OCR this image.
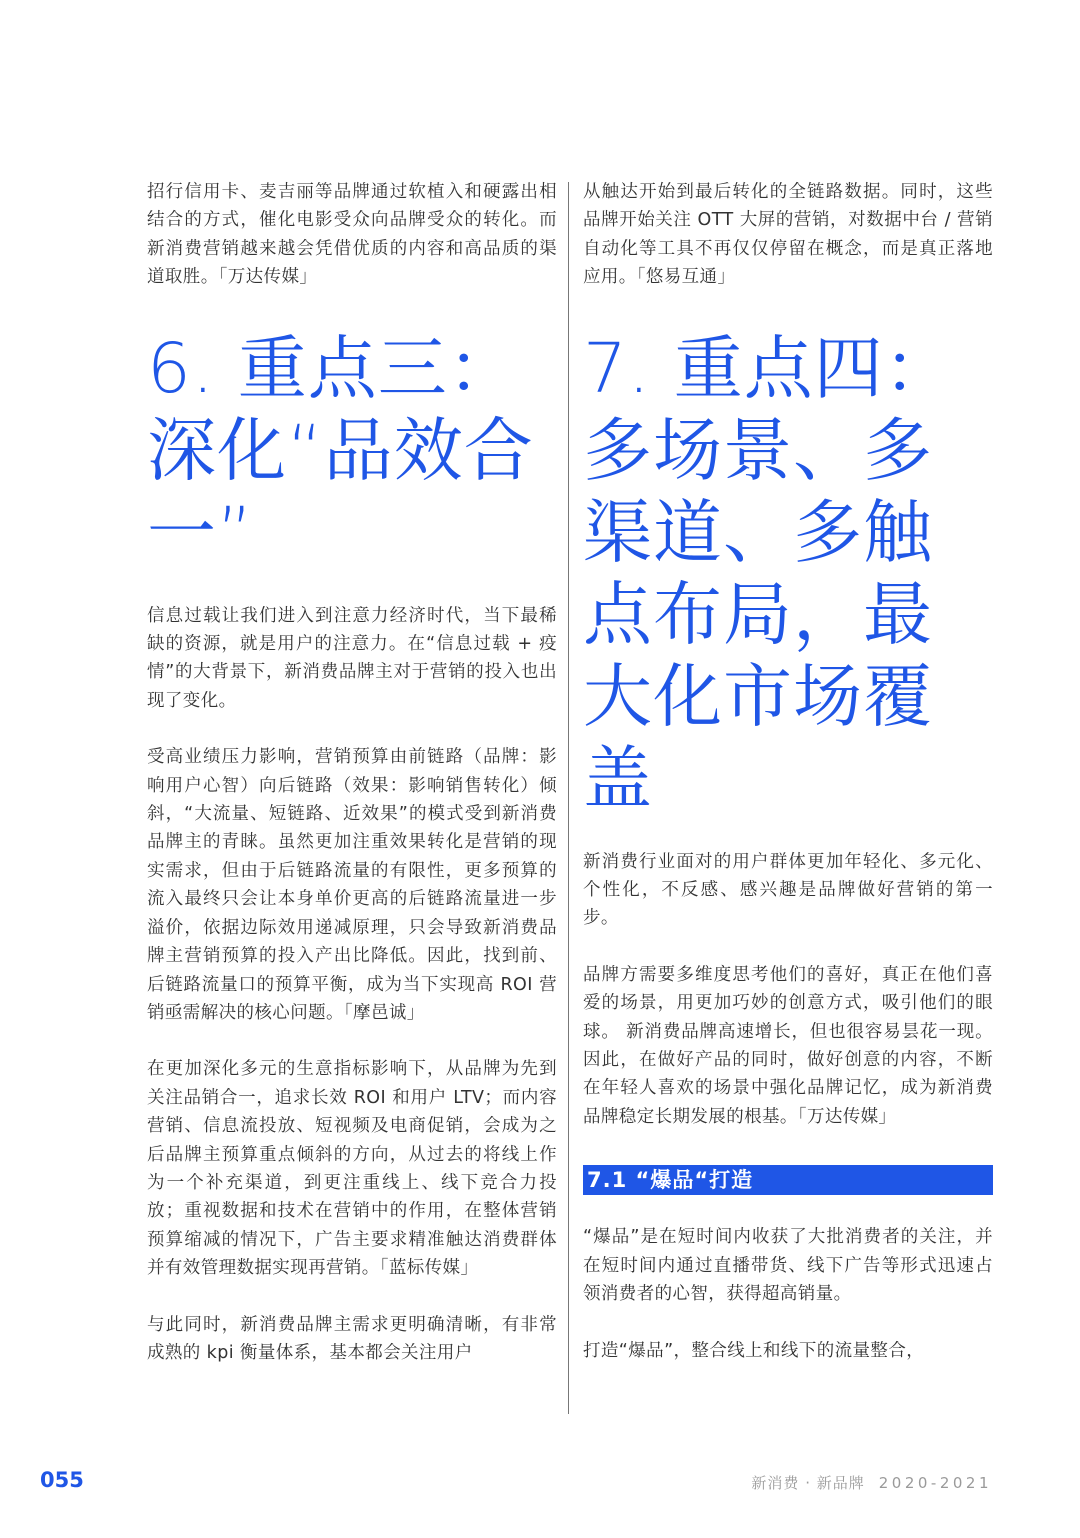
招行信用卡、麦吉丽等品牌通过软植入和硬露出相结合的方式，催化电影受众向品牌受众的转化。而新消费营销越来越会凭借优质的内容和高品质的渠道取胜。「万达传媒」

6. 重点三：深化“品效合一”

信息过载让我们进入到注意力经济时代，当下最稀缺的资源，就是用户的注意力。在“信息过载 + 疫情”的大背景下，新消费品牌主对于营销的投入也出现了变化。

受高业绩压力影响，营销预算由前链路（品牌：影响用户心智）向后链路（效果：影响销售转化）倾斜，“大流量、短链路、近效果”的模式受到新消费品牌主的青睐。虽然更加注重效果转化是营销的现实需求，但由于后链路流量的有限性，更多预算的流入最终只会让本身单价更高的后链路流量进一步溢价，依据边际效用递减原理，只会导致新消费品牌主营销预算的投入产出比降低。因此，找到前、后链路流量口的预算平衡，成为当下实现高 ROI 营销亟需解决的核心问题。「摩邑诚」

在更加深化多元的生意指标影响下，从品牌为先到关注品销合一，追求长效 ROI 和用户 LTV；而内容营销、信息流投放、短视频及电商促销，会成为之后品牌主预算重点倾斜的方向，从过去的将线上作为一个补充渠道，到更注重线上、线下竞合力投放；重视数据和技术在营销中的作用，在整体营销预算缩减的情况下，广告主要求精准触达消费群体并有效管理数据实现再营销。「蓝标传媒」

与此同时，新消费品牌主需求更明确清晰，有非常成熟的 kpi 衡量体系，基本都会关注用户

从触达开始到最后转化的全链路数据。同时，这些品牌开始关注 OTT 大屏的营销，对数据中台 / 营销自动化等工具不再仅仅停留在概念，而是真正落地应用。「悠易互通」

7. 重点四：多场景、多渠道、多触点布局，最大化市场覆盖

新消费行业面对的用户群体更加年轻化、多元化、个性化，不反感、感兴趣是品牌做好营销的第一步。

品牌方需要多维度思考他们的喜好，真正在他们喜爱的场景，用更加巧妙的创意方式，吸引他们的眼球。 新消费品牌高速增长，但也很容易昙花一现。因此，在做好产品的同时，做好创意的内容，不断在年轻人喜欢的场景中强化品牌记忆，成为新消费品牌稳定长期发展的根基。「万达传媒」

7.1 “爆品“打造

“爆品”是在短时间内收获了大批消费者的关注，并在短时间内通过直播带货、线下广告等形式迅速占领消费者的心智，获得超高销量。

打造“爆品”，整合线上和线下的流量整合，

055	新消费 · 新品牌 2020-2021
